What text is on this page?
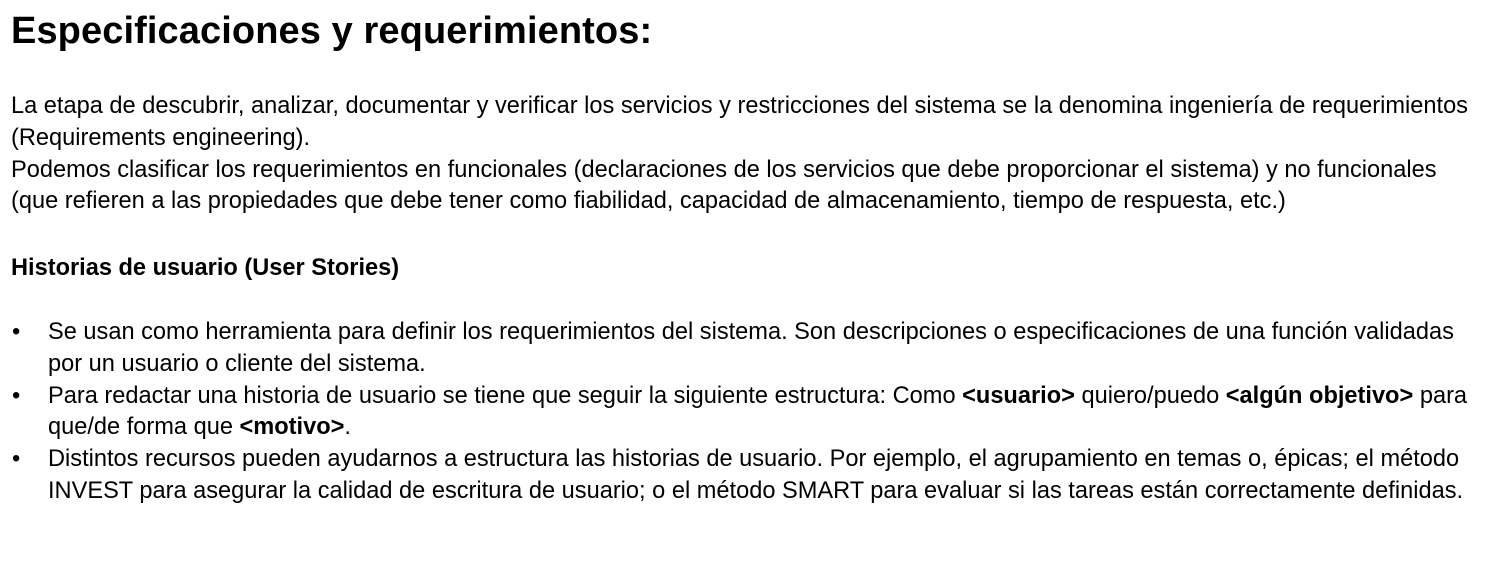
Especificaciones y requerimientos:

La etapa de descubrir, analizar, documentar y verificar los servicios y restricciones del sistema se la denomina ingeniería de requerimientos (Requirements engineering).

Podemos clasificar los requerimientos en funcionales (declaraciones de los servicios que debe proporcionar el sistema) y no funcionales (que refieren a las propiedades que debe tener como fiabilidad, capacidad de almacenamiento, tiempo de respuesta, etc.)

Historias de usuario (User Stories)
•	Se usan como herramienta para definir los requerimientos del sistema. Son descripciones o especificaciones de una función validadas por un usuario o cliente del sistema.
•	Para redactar una historia de usuario se tiene que seguir la siguiente estructura: Como <usuario> quiero/puedo <algún objetivo> para que/de forma que <motivo>.
•	Distintos recursos pueden ayudarnos a estructura las historias de usuario. Por ejemplo, el agrupamiento en temas o, épicas; el método INVEST para asegurar la calidad de escritura de usuario; o el método SMART para evaluar si las tareas están correctamente definidas.
